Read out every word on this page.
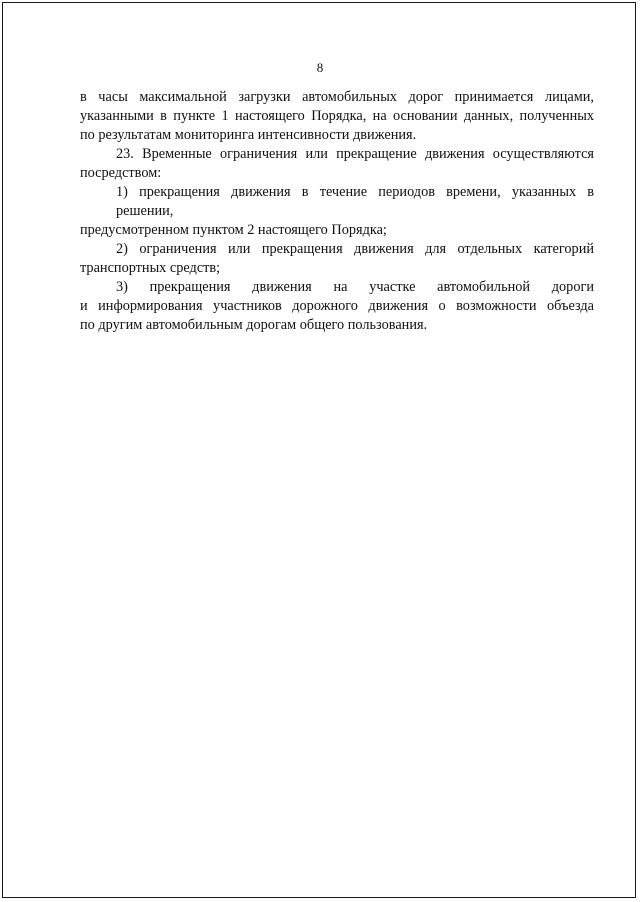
8

в часы максимальной загрузки автомобильных дорог принимается лицами,
указанными в пункте 1 настоящего Порядка, на основании данных, полученных
по результатам мониторинга интенсивности движения.

23. Временные ограничения или прекращение движения осуществляются
посредством:

1) прекращения движения в течение периодов времени, указанных в решении,
предусмотренном пунктом 2 настоящего Порядка;

2) ограничения или прекращения движения для отдельных категорий
транспортных средств;

3) прекращения движения на участке автомобильной дороги
и информирования участников дорожного движения о возможности объезда
по другим автомобильным дорогам общего пользования.
